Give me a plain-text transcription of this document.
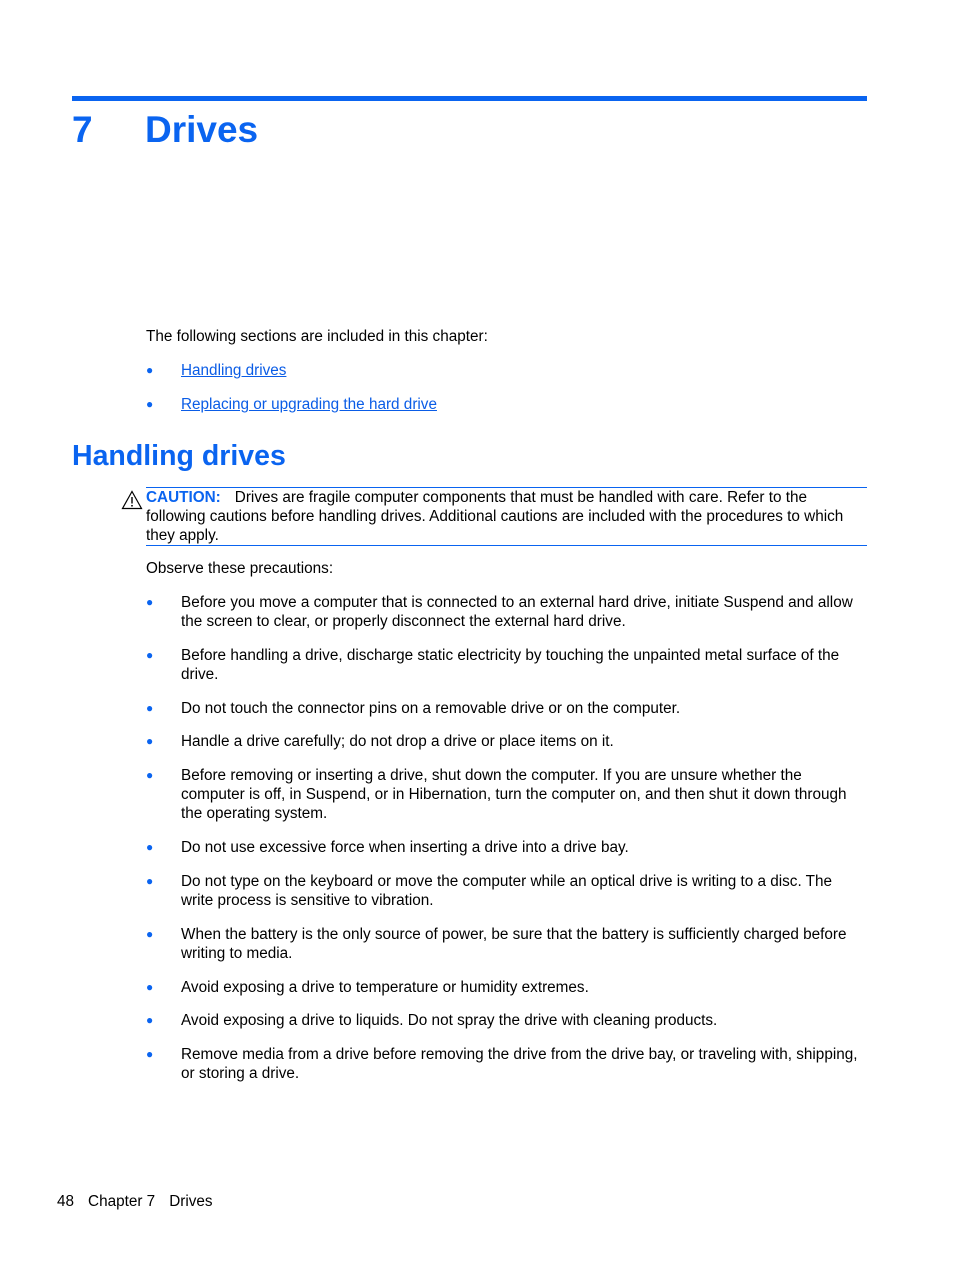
7 Drives
The following sections are included in this chapter:
● Handling drives
● Replacing or upgrading the hard drive
Handling drives
CAUTION: Drives are fragile computer components that must be handled with care. Refer to the following cautions before handling drives. Additional cautions are included with the procedures to which they apply.
Observe these precautions:
● Before you move a computer that is connected to an external hard drive, initiate Suspend and allow the screen to clear, or properly disconnect the external hard drive.
● Before handling a drive, discharge static electricity by touching the unpainted metal surface of the drive.
● Do not touch the connector pins on a removable drive or on the computer.
● Handle a drive carefully; do not drop a drive or place items on it.
● Before removing or inserting a drive, shut down the computer. If you are unsure whether the computer is off, in Suspend, or in Hibernation, turn the computer on, and then shut it down through the operating system.
● Do not use excessive force when inserting a drive into a drive bay.
● Do not type on the keyboard or move the computer while an optical drive is writing to a disc. The write process is sensitive to vibration.
● When the battery is the only source of power, be sure that the battery is sufficiently charged before writing to media.
● Avoid exposing a drive to temperature or humidity extremes.
● Avoid exposing a drive to liquids. Do not spray the drive with cleaning products.
● Remove media from a drive before removing the drive from the drive bay, or traveling with, shipping, or storing a drive.
48 Chapter 7 Drives
